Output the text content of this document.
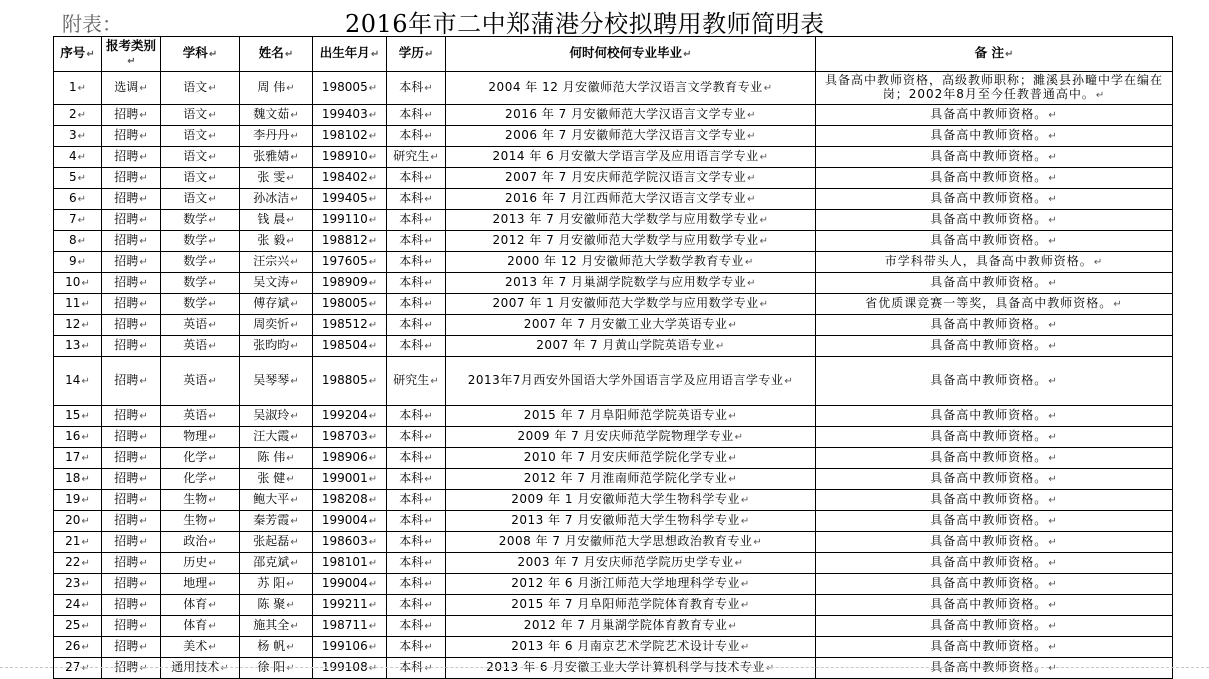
附表：	2016年市二中郑蒲港分校拟聘用教师简明表
序号 ↵	报考类别 ↵	学科 ↵	姓名 ↵	出生年月 ↵	学历 ↵	何时何校何专业毕业 ↵	备 注 ↵
1 ↵	选调 ↵	语文 ↵	周 伟 ↵	198005 ↵	本科 ↵	2004 年 12 月安徽师范大学汉语言文学教育专业 ↵	具备高中教师资格，高级教师职称；濉溪县孙疃中学在编在岗；2002年8月至今任教普通高中。 ↵
2 ↵	招聘 ↵	语文 ↵	魏文茹 ↵	199403 ↵	本科 ↵	2016 年 7 月安徽师范大学汉语言文学专业 ↵	具备高中教师资格。 ↵
3 ↵	招聘 ↵	语文 ↵	李丹丹 ↵	198102 ↵	本科 ↵	2006 年 7 月安徽师范大学汉语言文学专业 ↵	具备高中教师资格。 ↵
4 ↵	招聘 ↵	语文 ↵	张雅婧 ↵	198910 ↵	研究生 ↵	2014 年 6 月安徽大学语言学及应用语言学专业 ↵	具备高中教师资格。 ↵
5 ↵	招聘 ↵	语文 ↵	张 雯 ↵	198402 ↵	本科 ↵	2007 年 7 月安庆师范学院汉语言文学专业 ↵	具备高中教师资格。 ↵
6 ↵	招聘 ↵	语文 ↵	孙冰洁 ↵	199405 ↵	本科 ↵	2016 年 7 月江西师范大学汉语言文学专业 ↵	具备高中教师资格。 ↵
7 ↵	招聘 ↵	数学 ↵	钱 晨 ↵	199110 ↵	本科 ↵	2013 年 7 月安徽师范大学数学与应用数学专业 ↵	具备高中教师资格。 ↵
8 ↵	招聘 ↵	数学 ↵	张 毅 ↵	198812 ↵	本科 ↵	2012 年 7 月安徽师范大学数学与应用数学专业 ↵	具备高中教师资格。 ↵
9 ↵	招聘 ↵	数学 ↵	汪宗兴 ↵	197605 ↵	本科 ↵	2000 年 12 月安徽师范大学数学教育专业 ↵	市学科带头人，具备高中教师资格。 ↵
10 ↵	招聘 ↵	数学 ↵	吴文涛 ↵	198909 ↵	本科 ↵	2013 年 7 月巢湖学院数学与应用数学专业 ↵	具备高中教师资格。 ↵
11 ↵	招聘 ↵	数学 ↵	傅存斌 ↵	198005 ↵	本科 ↵	2007 年 1 月安徽师范大学数学与应用数学专业 ↵	省优质课竞赛一等奖，具备高中教师资格。 ↵
12 ↵	招聘 ↵	英语 ↵	周奕忻 ↵	198512 ↵	本科 ↵	2007 年 7 月安徽工业大学英语专业 ↵	具备高中教师资格。 ↵
13 ↵	招聘 ↵	英语 ↵	张昀昀 ↵	198504 ↵	本科 ↵	2007 年 7 月黄山学院英语专业 ↵	具备高中教师资格。 ↵
14 ↵	招聘 ↵	英语 ↵	吴琴琴 ↵	198805 ↵	研究生 ↵	2013年7月西安外国语大学外国语言学及应用语言学专业 ↵	具备高中教师资格。 ↵
15 ↵	招聘 ↵	英语 ↵	吴淑玲 ↵	199204 ↵	本科 ↵	2015 年 7 月阜阳师范学院英语专业 ↵	具备高中教师资格。 ↵
16 ↵	招聘 ↵	物理 ↵	汪大霞 ↵	198703 ↵	本科 ↵	2009 年 7 月安庆师范学院物理学专业 ↵	具备高中教师资格。 ↵
17 ↵	招聘 ↵	化学 ↵	陈 伟 ↵	198906 ↵	本科 ↵	2010 年 7 月安庆师范学院化学专业 ↵	具备高中教师资格。 ↵
18 ↵	招聘 ↵	化学 ↵	张 健 ↵	199001 ↵	本科 ↵	2012 年 7 月淮南师范学院化学专业 ↵	具备高中教师资格。 ↵
19 ↵	招聘 ↵	生物 ↵	鲍大平 ↵	198208 ↵	本科 ↵	2009 年 1 月安徽师范大学生物科学专业 ↵	具备高中教师资格。 ↵
20 ↵	招聘 ↵	生物 ↵	秦芳霞 ↵	199004 ↵	本科 ↵	2013 年 7 月安徽师范大学生物科学专业 ↵	具备高中教师资格。 ↵
21 ↵	招聘 ↵	政治 ↵	张起磊 ↵	198603 ↵	本科 ↵	2008 年 7 月安徽师范大学思想政治教育专业 ↵	具备高中教师资格。 ↵
22 ↵	招聘 ↵	历史 ↵	邵克斌 ↵	198101 ↵	本科 ↵	2003 年 7 月安庆师范学院历史学专业 ↵	具备高中教师资格。 ↵
23 ↵	招聘 ↵	地理 ↵	苏 阳 ↵	199004 ↵	本科 ↵	2012 年 6 月浙江师范大学地理科学专业 ↵	具备高中教师资格。 ↵
24 ↵	招聘 ↵	体育 ↵	陈 聚 ↵	199211 ↵	本科 ↵	2015 年 7 月阜阳师范学院体育教育专业 ↵	具备高中教师资格。 ↵
25 ↵	招聘 ↵	体育 ↵	施其全 ↵	198711 ↵	本科 ↵	2012 年 7 月巢湖学院体育教育专业 ↵	具备高中教师资格。 ↵
26 ↵	招聘 ↵	美术 ↵	杨 帆 ↵	199106 ↵	本科 ↵	2013 年 6 月南京艺术学院艺术设计专业 ↵	具备高中教师资格。 ↵
27 ↵	招聘 ↵	通用技术 ↵	徐 阳 ↵	199108 ↵	本科 ↵	2013 年 6 月安徽工业大学计算机科学与技术专业 ↵	具备高中教师资格。 ↵
